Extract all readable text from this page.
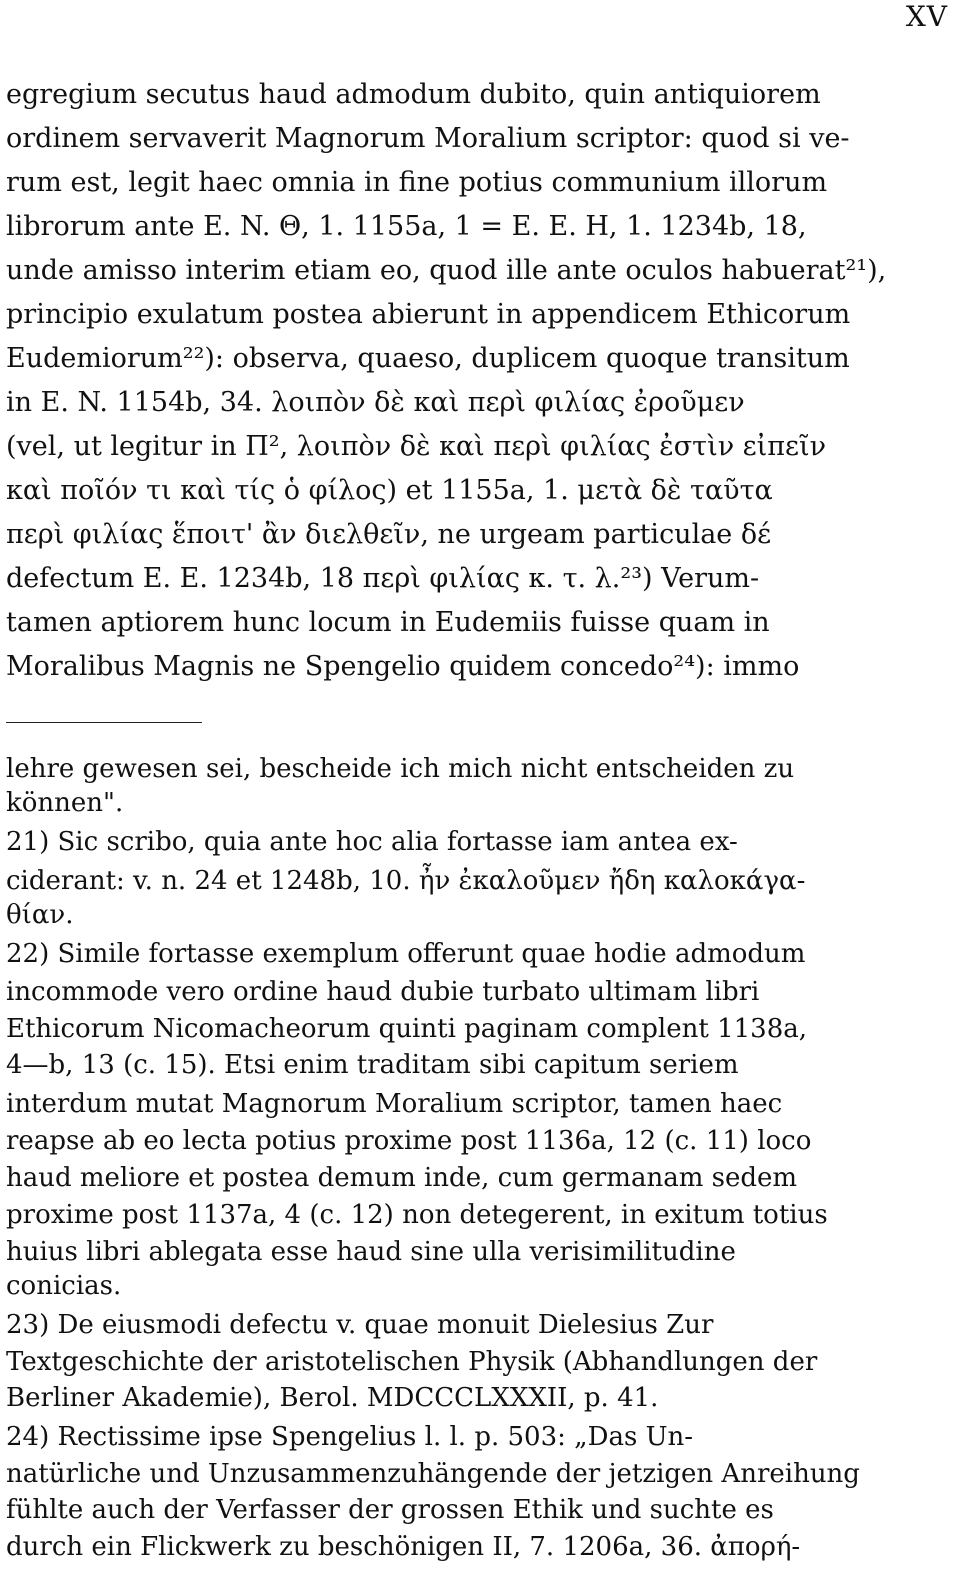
XV
egregium secutus haud admodum dubito, quin antiquiorem
ordinem servaverit Magnorum Moralium scriptor: quod si ve-
rum est, legit haec omnia in fine potius communium illorum
librorum ante E. N. Θ, 1. 1155a, 1 = E. E. H, 1. 1234b, 18,
unde amisso interim etiam eo, quod ille ante oculos habuerat²¹),
principio exulatum postea abierunt in appendicem Ethicorum
Eudemiorum²²): observa, quaeso, duplicem quoque transitum
in E. N. 1154b, 34. λοιπὸν δὲ καὶ περὶ φιλίας ἐροῦμεν
(vel, ut legitur in Π², λοιπὸν δὲ καὶ περὶ φιλίας ἐστὶν εἰπεῖν
καὶ ποῖόν τι καὶ τίς ὁ φίλος) et 1155a, 1. μετὰ δὲ ταῦτα
περὶ φιλίας ἕποιτ' ἂν διελθεῖν, ne urgeam particulae δέ
defectum E. E. 1234b, 18 περὶ φιλίας κ. τ. λ.²³) Verum-
tamen aptiorem hunc locum in Eudemiis fuisse quam in
Moralibus Magnis ne Spengelio quidem concedo²⁴): immo
lehre gewesen sei, bescheide ich mich nicht entscheiden zu
können".
21) Sic scribo, quia ante hoc alia fortasse iam antea ex-
ciderant: v. n. 24 et 1248b, 10. ἦν ἐκαλοῦμεν ἤδη καλοκάγα-
θίαν.
22) Simile fortasse exemplum offerunt quae hodie admodum
incommode vero ordine haud dubie turbato ultimam libri
Ethicorum Nicomacheorum quinti paginam complent 1138a,
4—b, 13 (c. 15). Etsi enim traditam sibi capitum seriem
interdum mutat Magnorum Moralium scriptor, tamen haec
reapse ab eo lecta potius proxime post 1136a, 12 (c. 11) loco
haud meliore et postea demum inde, cum germanam sedem
proxime post 1137a, 4 (c. 12) non detegerent, in exitum totius
huius libri ablegata esse haud sine ulla verisimilitudine
conicias.
23) De eiusmodi defectu v. quae monuit Dielesius Zur
Textgeschichte der aristotelischen Physik (Abhandlungen der
Berliner Akademie), Berol. MDCCCLXXXII, p. 41.
24) Rectissime ipse Spengelius l. l. p. 503: „Das Un-
natürliche und Unzusammenzuhängende der jetzigen Anreihung
fühlte auch der Verfasser der grossen Ethik und suchte es
durch ein Flickwerk zu beschönigen II, 7. 1206a, 36. ἀπορή-
